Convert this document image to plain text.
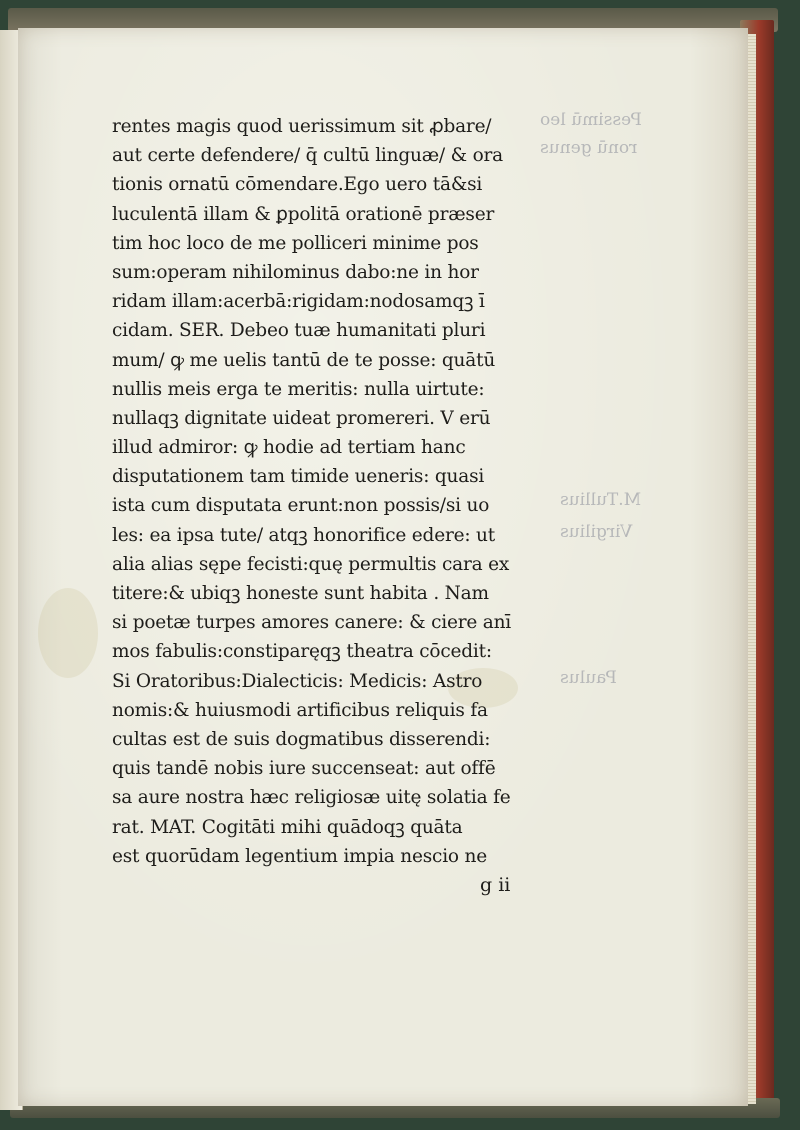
Pessimū leo
ronū genus
M.Tullius
Virgilius
Paulus
rentes magis quod uerissimum sit ꝓbare/
aut certe defendere/ q̄ cultū linguæ/ & ora
tionis ornatū cōmendare.Ego uero tā&si
luculentā illam & ꝑpolitā orationē præser
tim hoc loco de me polliceri minime pos
sum:operam nihilominus dabo:ne in hor
ridam illam:acerbā:rigidam:nodosamqꝫ ī
cidam. SER. Debeo tuæ humanitati pluri
mum/ ꝙ me uelis tantū de te posse: quātū
nullis meis erga te meritis: nulla uirtute:
nullaqꝫ dignitate uideat promereri. V erū
illud admiror: ꝙ hodie ad tertiam hanc
disputationem tam timide ueneris: quasi
ista cum disputata erunt:non possis/si uo
les: ea ipsa tute/ atqꝫ honorifice edere: ut
alia alias sępe fecisti:quę permultis cara ex
titere:& ubiqꝫ honeste sunt habita . Nam
si poetæ turpes amores canere: & ciere anī
mos fabulis:constiparęqꝫ theatra cōcedit:
Si Oratoribus:Dialecticis: Medicis: Astro
nomis:& huiusmodi artificibus reliquis fa
cultas est de suis dogmatibus disserendi:
quis tandē nobis iure succenseat: aut offē
sa aure nostra hæc religiosæ uitę solatia fe
rat. MAT. Cogitāti mihi quādoqꝫ quāta
est quorūdam legentium impia nescio ne
g ii
